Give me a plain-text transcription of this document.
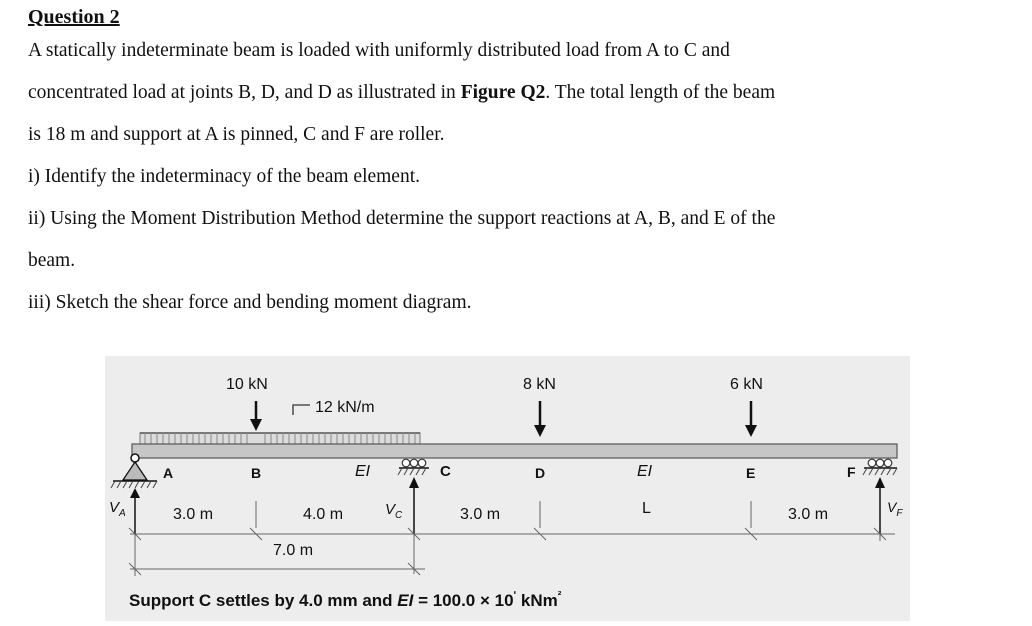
Question 2

A statically indeterminate beam is loaded with uniformly distributed load from A to C and
concentrated load at joints B, D, and D as illustrated in Figure Q2. The total length of the beam
is 18 m and support at A is pinned, C and F are roller.

i) Identify the indeterminacy of the beam element.

ii) Using the Moment Distribution Method determine the support reactions at A, B, and E of the

beam.

iii) Sketch the shear force and bending moment diagram.

12 kN/m
10 kN	8 kN	6 kN
A	B	C	D	E	F
EI	EI
L
$V_A$	$V_C$
$V_F$
3.0 m	4.0 m	3.0 m	3.0 m
7.0 m
Support C settles by 4.0 mm and EI = $100.0 \times 10^ʹ$ kNm$^{^2}$
